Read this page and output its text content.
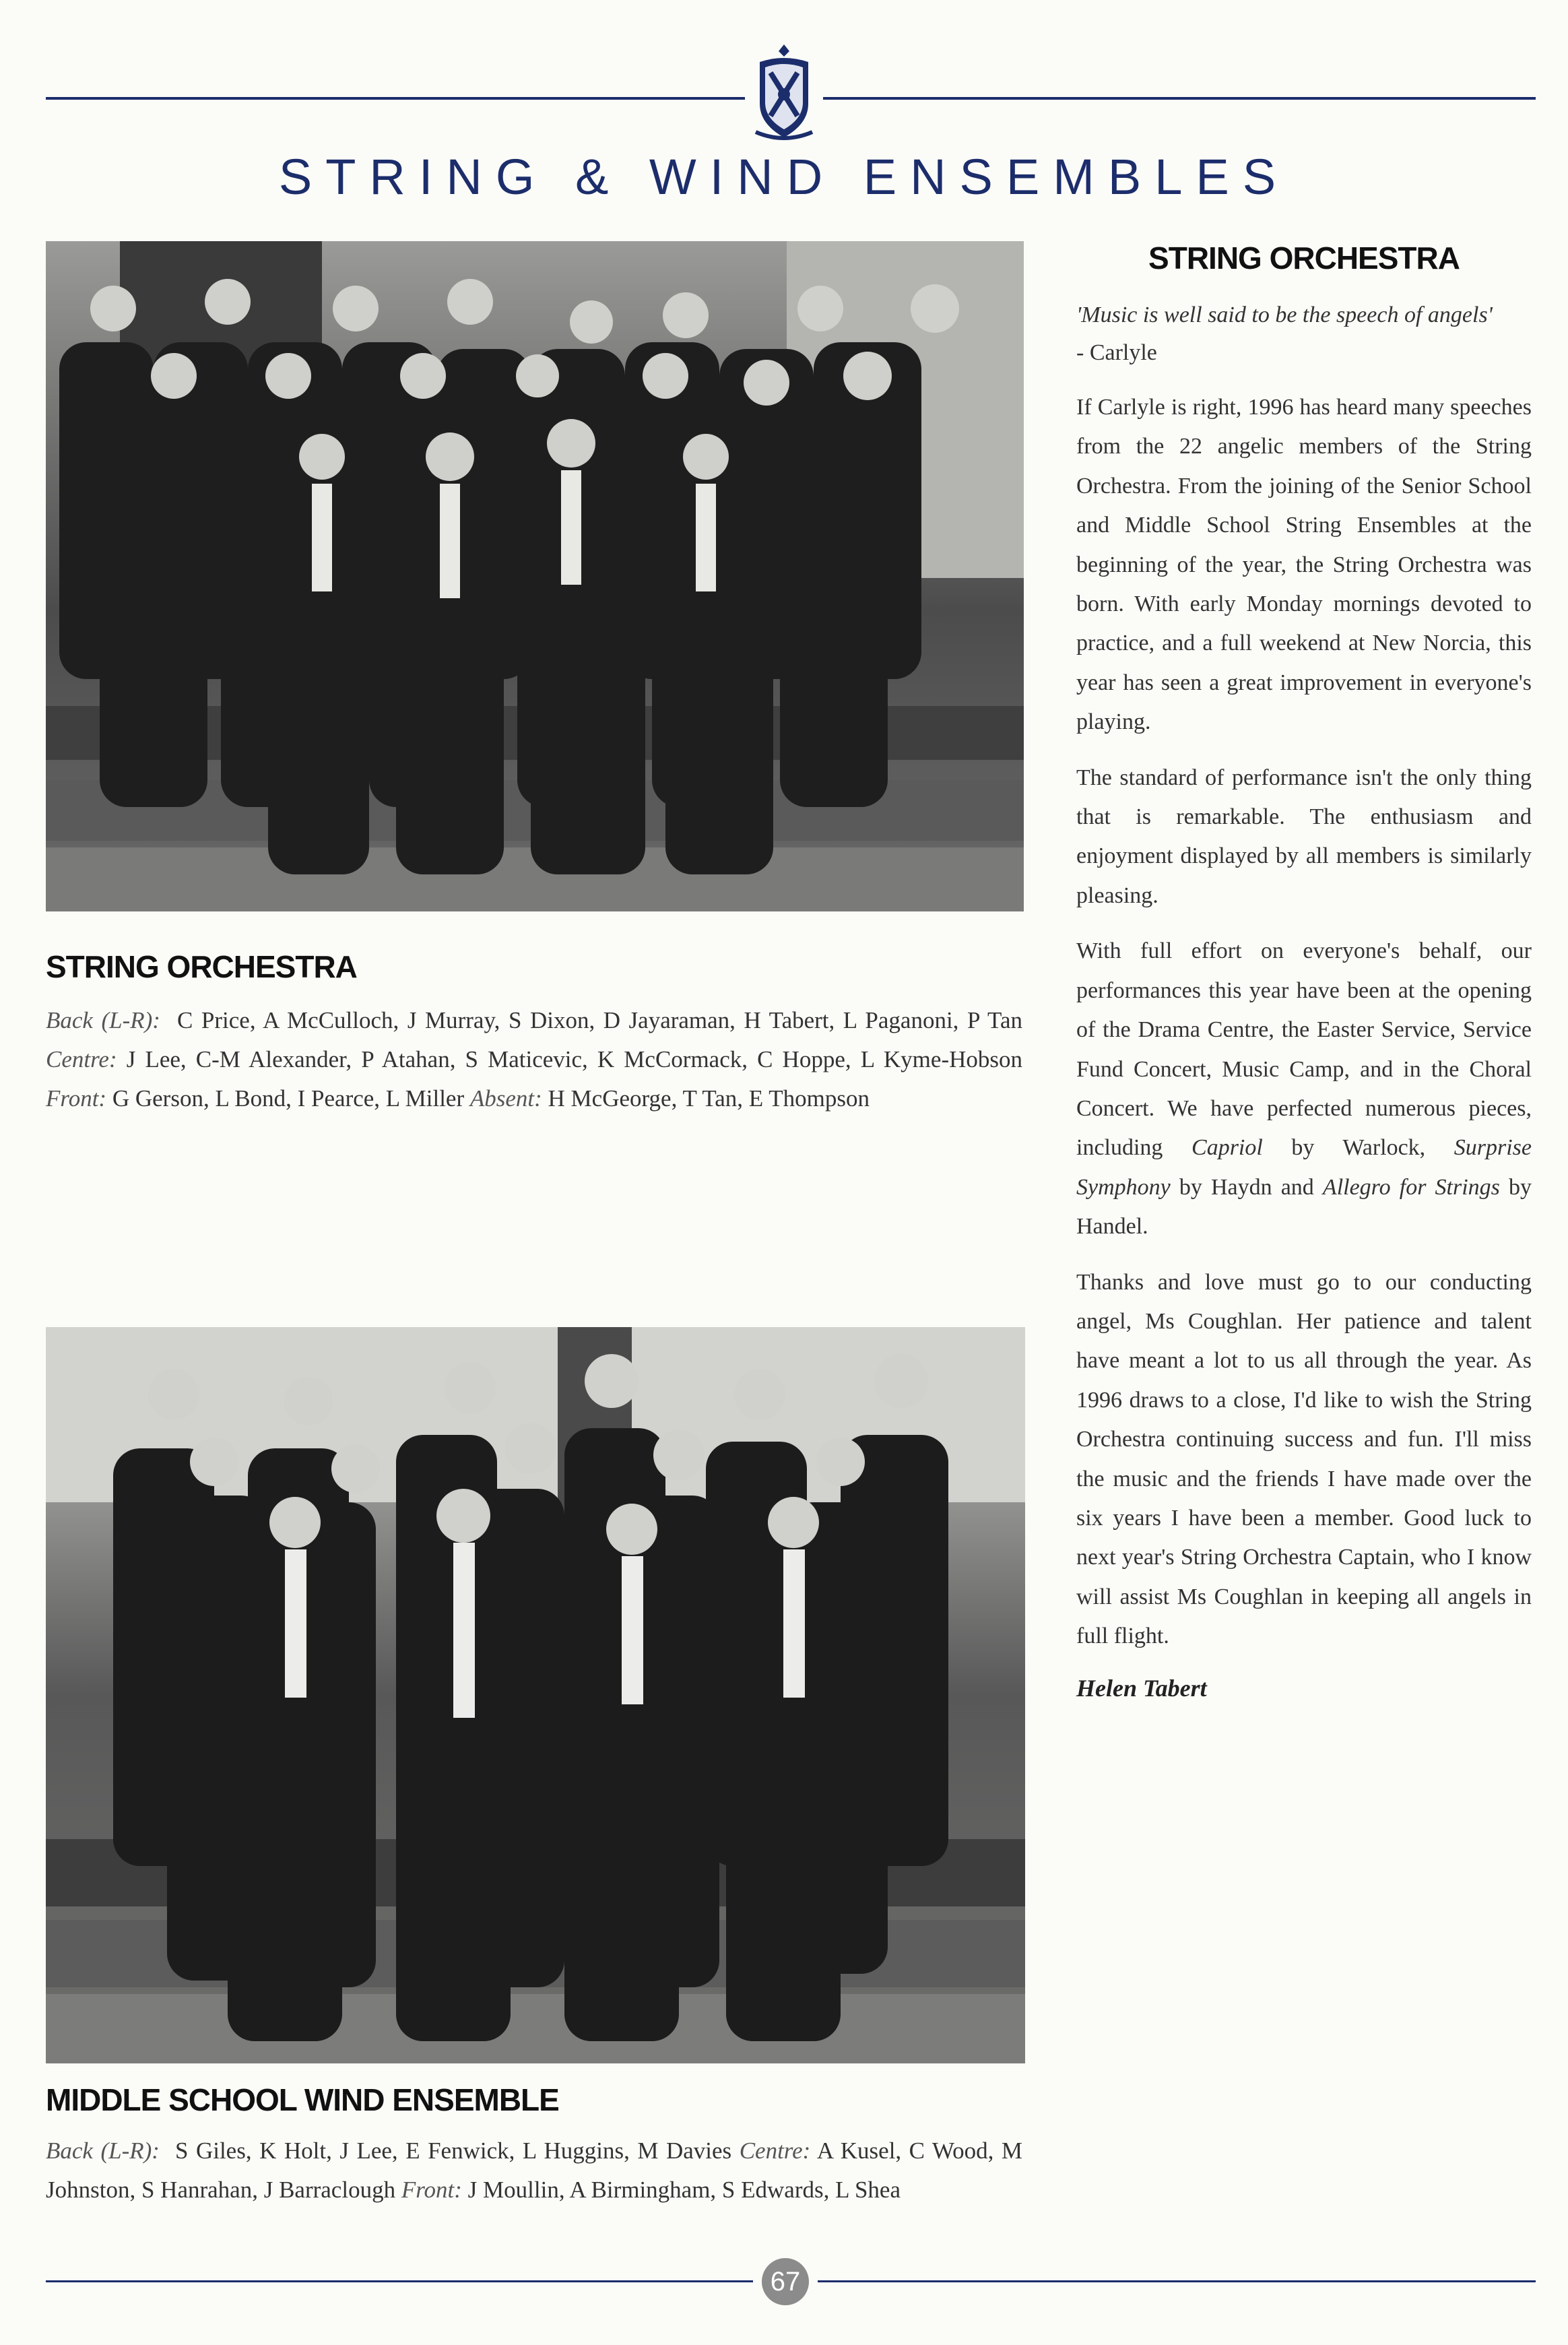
STRING & WIND ENSEMBLES
STRING ORCHESTRA
Back (L-R): C Price, A McCulloch, J Murray, S Dixon, D Jayaraman, H Tabert, L Paganoni, P Tan Centre: J Lee, C-M Alexander, P Atahan, S Maticevic, K McCormack, C Hoppe, L Kyme-Hobson Front: G Gerson, L Bond, I Pearce, L Miller Absent: H McGeorge, T Tan, E Thompson
MIDDLE SCHOOL WIND ENSEMBLE
Back (L-R): S Giles, K Holt, J Lee, E Fenwick, L Huggins, M Davies Centre: A Kusel, C Wood, M Johnston, S Hanrahan, J Barraclough Front: J Moullin, A Birmingham, S Edwards, L Shea
STRING ORCHESTRA
'Music is well said to be the speech of angels'
- Carlyle

If Carlyle is right, 1996 has heard many speeches from the 22 angelic members of the String Orchestra. From the joining of the Senior School and Middle School String Ensembles at the beginning of the year, the String Orchestra was born. With early Monday mornings devoted to practice, and a full weekend at New Norcia, this year has seen a great improvement in everyone's playing.

The standard of performance isn't the only thing that is remarkable. The enthusiasm and enjoyment displayed by all members is similarly pleasing.

With full effort on everyone's behalf, our performances this year have been at the opening of the Drama Centre, the Easter Service, Service Fund Concert, Music Camp, and in the Choral Concert. We have perfected numerous pieces, including Capriol by Warlock, Surprise Symphony by Haydn and Allegro for Strings by Handel.

Thanks and love must go to our conducting angel, Ms Coughlan. Her patience and talent have meant a lot to us all through the year. As 1996 draws to a close, I'd like to wish the String Orchestra continuing success and fun. I'll miss the music and the friends I have made over the six years I have been a member. Good luck to next year's String Orchestra Captain, who I know will assist Ms Coughlan in keeping all angels in full flight.

Helen Tabert
67
